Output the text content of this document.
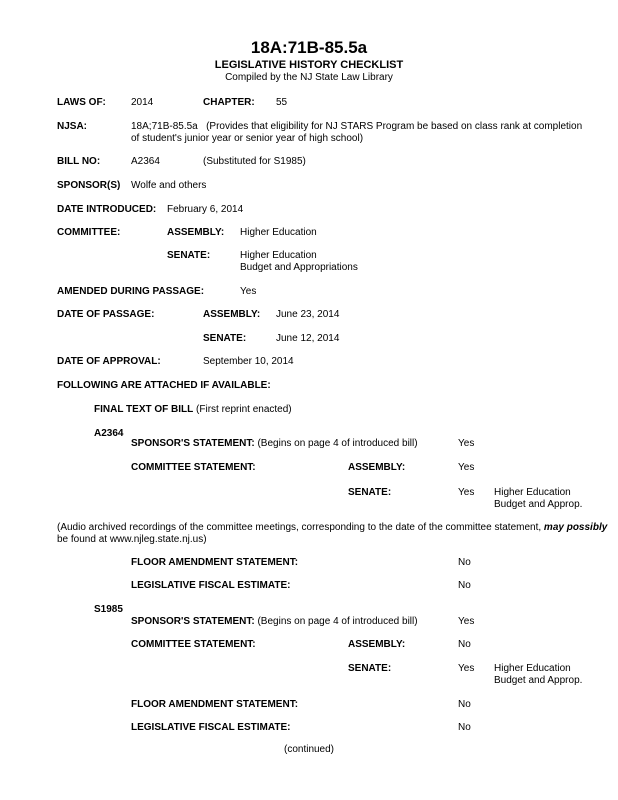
18A:71B-85.5a
LEGISLATIVE HISTORY CHECKLIST
Compiled by the NJ State Law Library
LAWS OF:	2014	CHAPTER: 55
NJSA:	18A;71B-85.5a (Provides that eligibility for NJ STARS Program be based on class rank at completion of student's junior year or senior year of high school)
BILL NO:	A2364	(Substituted for S1985)
SPONSOR(S) Wolfe and others
DATE INTRODUCED: February 6, 2014
COMMITTEE:	ASSEMBLY: Higher Education
SENATE:	Higher Education
Budget and Appropriations
AMENDED DURING PASSAGE:	Yes
DATE OF PASSAGE:	ASSEMBLY: June 23, 2014
SENATE:	June 12, 2014
DATE OF APPROVAL:	September 10, 2014
FOLLOWING ARE ATTACHED IF AVAILABLE:
FINAL TEXT OF BILL (First reprint enacted)
A2364
SPONSOR'S STATEMENT: (Begins on page 4 of introduced bill)	Yes
COMMITTEE STATEMENT:	ASSEMBLY:	Yes
SENATE:	Yes Higher Education
Budget and Approp.
(Audio archived recordings of the committee meetings, corresponding to the date of the committee statement, may possibly
be found at www.njleg.state.nj.us)
FLOOR AMENDMENT STATEMENT:	No
LEGISLATIVE FISCAL ESTIMATE:	No
S1985
SPONSOR'S STATEMENT: (Begins on page 4 of introduced bill)	Yes
COMMITTEE STATEMENT:	ASSEMBLY:	No
SENATE:	Yes Higher Education
Budget and Approp.
FLOOR AMENDMENT STATEMENT:	No
LEGISLATIVE FISCAL ESTIMATE:	No
(continued)
